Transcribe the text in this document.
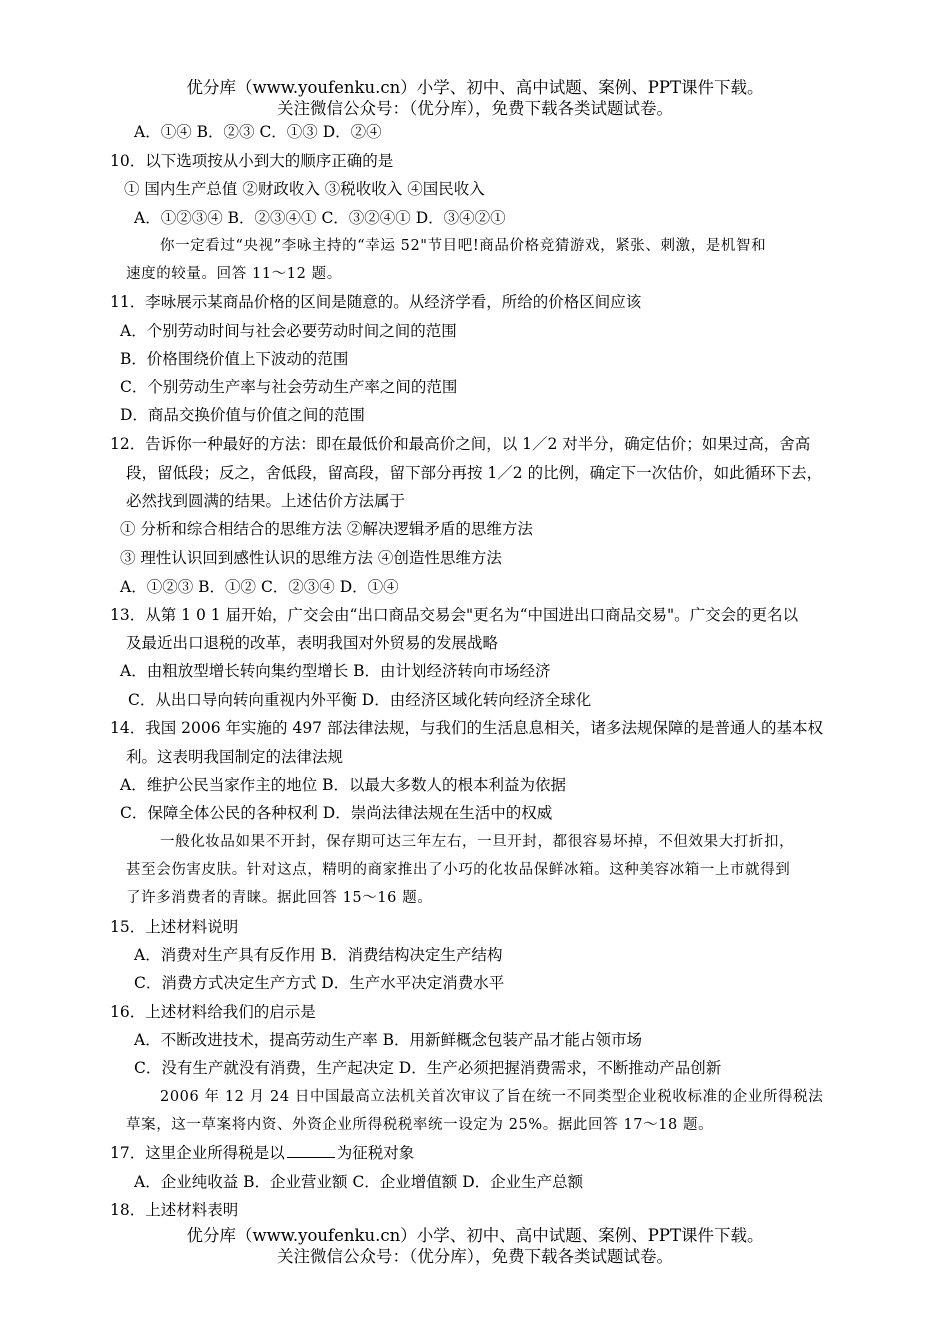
优分库（www.youfenku.cn）小学、初中、高中试题、案例、PPT课件下载。
关注微信公众号：（优分库），免费下载各类试题试卷。
A．①④ B．②③ C．①③ D．②④
10．以下选项按从小到大的顺序正确的是
① 国内生产总值 ②财政收入 ③税收收入 ④国民收入
A．①②③④ B．②③④① C．③②④① D．③④②①
你一定看过“央视”李咏主持的“幸运 52"节目吧!商品价格竞猜游戏，紧张、刺激，是机智和
速度的较量。回答 11～12 题。
11．李咏展示某商品价格的区间是随意的。从经济学看，所给的价格区间应该
A．个别劳动时间与社会必要劳动时间之间的范围
B．价格围绕价值上下波动的范围
C．个别劳动生产率与社会劳动生产率之间的范围
D．商品交换价值与价值之间的范围
12．告诉你一种最好的方法：即在最低价和最高价之间，以 1／2 对半分，确定估价；如果过高，舍高
段，留低段；反之，舍低段，留高段，留下部分再按 1／2 的比例，确定下一次估价，如此循环下去，
必然找到圆满的结果。上述估价方法属于
① 分析和综合相结合的思维方法 ②解决逻辑矛盾的思维方法
③ 理性认识回到感性认识的思维方法 ④创造性思维方法
A．①②③ B．①② C．②③④ D．①④
13．从第 1 0 1 届开始，广交会由“出口商品交易会"更名为“中国进出口商品交易"。广交会的更名以
及最近出口退税的改革，表明我国对外贸易的发展战略
A．由粗放型增长转向集约型增长 B．由计划经济转向市场经济
C．从出口导向转向重视内外平衡 D．由经济区域化转向经济全球化
14．我国 2006 年实施的 497 部法律法规，与我们的生活息息相关，诸多法规保障的是普通人的基本权
利。这表明我国制定的法律法规
A．维护公民当家作主的地位 B．以最大多数人的根本利益为依据
C．保障全体公民的各种权利 D．崇尚法律法规在生活中的权威
一般化妆品如果不开封，保存期可达三年左右，一旦开封，都很容易坏掉，不但效果大打折扣，
甚至会伤害皮肤。针对这点，精明的商家推出了小巧的化妆品保鲜冰箱。这种美容冰箱一上市就得到
了许多消费者的青睐。据此回答 15～16 题。
15．上述材料说明
A．消费对生产具有反作用 B．消费结构决定生产结构
C．消费方式决定生产方式 D．生产水平决定消费水平
16．上述材料给我们的启示是
A．不断改进技术，提高劳动生产率 B．用新鲜概念包装产品才能占领市场
C．没有生产就没有消费，生产起决定 D．生产必须把握消费需求，不断推动产品创新
2006 年 12 月 24 日中国最高立法机关首次审议了旨在统一不同类型企业税收标准的企业所得税法
草案，这一草案将内资、外资企业所得税税率统一设定为 25%。据此回答 17～18 题。
17．这里企业所得税是以	为征税对象
A．企业纯收益 B．企业营业额 C．企业增值额 D．企业生产总额
18．上述材料表明
优分库（www.youfenku.cn）小学、初中、高中试题、案例、PPT课件下载。
关注微信公众号：（优分库），免费下载各类试题试卷。
